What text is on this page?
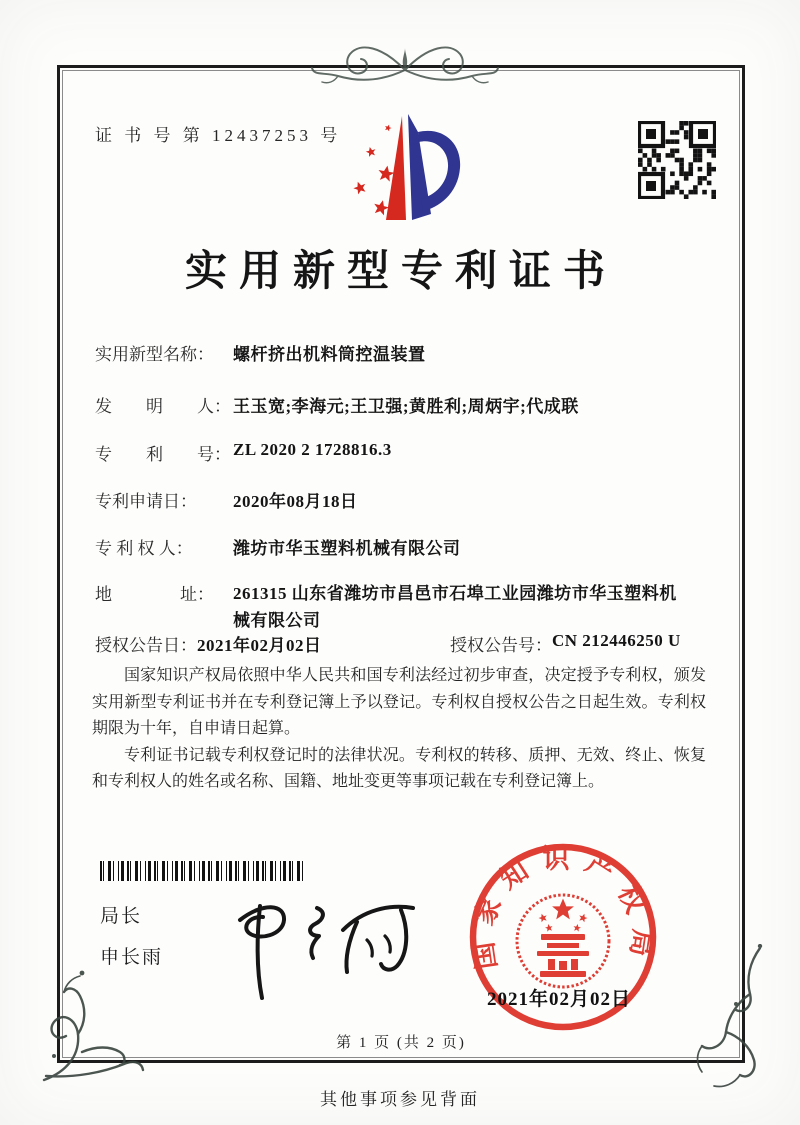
证 书 号 第 12437253 号
实用新型专利证书
实用新型名称： 螺杆挤出机料筒控温装置
发　　明　　人： 王玉宽;李海元;王卫强;黄胜利;周炳宇;代成联
专　　利　　号： ZL 2020 2 1728816.3
专利申请日： 2020年08月18日
专 利 权 人： 潍坊市华玉塑料机械有限公司
地　　　　址： 261315 山东省潍坊市昌邑市石埠工业园潍坊市华玉塑料机械有限公司
授权公告日：2021年02月02日	授权公告号：CN 212446250 U

国家知识产权局依照中华人民共和国专利法经过初步审查，决定授予专利权，颁发实用新型专利证书并在专利登记簿上予以登记。专利权自授权公告之日起生效。专利权期限为十年，自申请日起算。

专利证书记载专利权登记时的法律状况。专利权的转移、质押、无效、终止、恢复和专利权人的姓名或名称、国籍、地址变更等事项记载在专利登记簿上。

局长
申长雨	国家知识产权局
2021年02月02日
第 1 页 (共 2 页)
其他事项参见背面
